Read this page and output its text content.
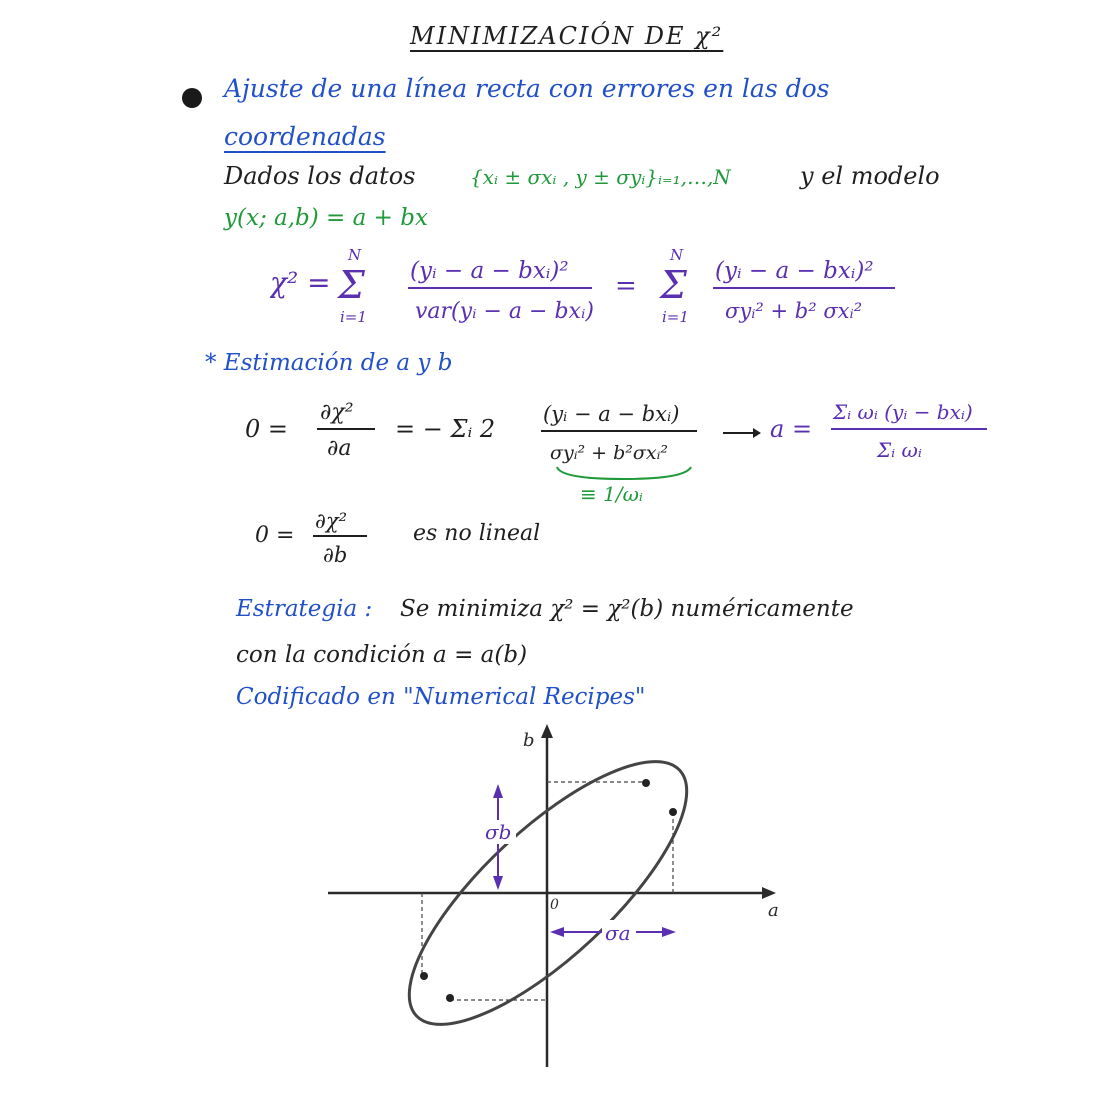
MINIMIZACIÓN DE χ²
Ajuste de una línea recta con errores en las dos
coordenadas
Dados los datos	{xᵢ ± σxᵢ , y ± σyᵢ}ᵢ₌₁,…,N	y el modelo
y(x; a,b) = a + bx
χ² =
N
Σ
i=1
(yᵢ − a − bxᵢ)²
var(yᵢ − a − bxᵢ)
=
N
Σ
i=1
(yᵢ − a − bxᵢ)²
σyᵢ² + b² σxᵢ²
* Estimación de a y b
0 =
∂χ²
∂a
= − Σᵢ 2
(yᵢ − a − bxᵢ)
σyᵢ² + b²σxᵢ²
≡ 1/ωᵢ
a =
Σᵢ ωᵢ (yᵢ − bxᵢ)
Σᵢ ωᵢ
0 =
∂χ²
∂b
es no lineal
Estrategia : Se minimiza χ² = χ²(b) numéricamente
con la condición a = a(b)
Codificado en "Numerical Recipes"
b
a
0
σb
σa
